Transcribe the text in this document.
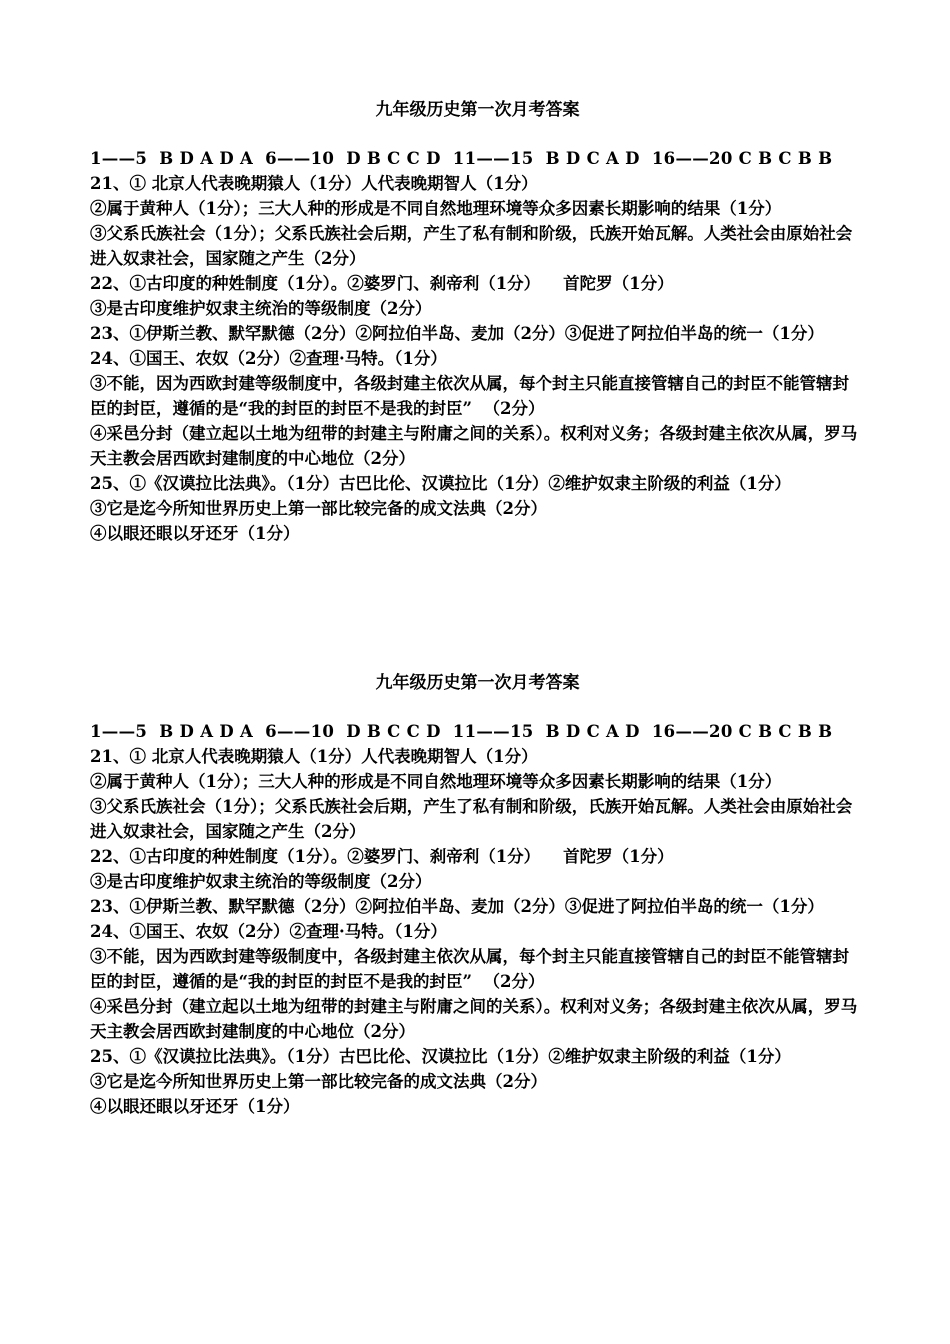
九年级历史第一次月考答案
1——5  B D A D A  6——10  D B C C D  11——15  B D C A D  16——20 C B C B B
21、① 北京人代表晚期猿人（1分）人代表晚期智人（1分）
②属于黄种人（1分）；三大人种的形成是不同自然地理环境等众多因素长期影响的结果（1分）
③父系氏族社会（1分）；父系氏族社会后期，产生了私有制和阶级，氏族开始瓦解。人类社会由原始社会进入奴隶社会，国家随之产生（2分）
22、①古印度的种姓制度（1分）。②婆罗门、刹帝利（1分）    首陀罗（1分）
③是古印度维护奴隶主统治的等级制度（2分）
23、①伊斯兰教、默罕默德（2分）②阿拉伯半岛、麦加（2分）③促进了阿拉伯半岛的统一（1分）
24、①国王、农奴（2分）②查理·马特。（1分）
③不能，因为西欧封建等级制度中，各级封建主依次从属，每个封主只能直接管辖自己的封臣不能管辖封臣的封臣，遵循的是“我的封臣的封臣不是我的封臣”  （2分）
④采邑分封（建立起以土地为纽带的封建主与附庸之间的关系）。权利对义务；各级封建主依次从属，罗马天主教会居西欧封建制度的中心地位（2分）
25、①《汉谟拉比法典》。（1分）古巴比伦、汉谟拉比（1分）②维护奴隶主阶级的利益（1分）
③它是迄今所知世界历史上第一部比较完备的成文法典（2分）
④以眼还眼以牙还牙（1分）
九年级历史第一次月考答案
1——5  B D A D A  6——10  D B C C D  11——15  B D C A D  16——20 C B C B B
21、① 北京人代表晚期猿人（1分）人代表晚期智人（1分）
②属于黄种人（1分）；三大人种的形成是不同自然地理环境等众多因素长期影响的结果（1分）
③父系氏族社会（1分）；父系氏族社会后期，产生了私有制和阶级，氏族开始瓦解。人类社会由原始社会进入奴隶社会，国家随之产生（2分）
22、①古印度的种姓制度（1分）。②婆罗门、刹帝利（1分）    首陀罗（1分）
③是古印度维护奴隶主统治的等级制度（2分）
23、①伊斯兰教、默罕默德（2分）②阿拉伯半岛、麦加（2分）③促进了阿拉伯半岛的统一（1分）
24、①国王、农奴（2分）②查理·马特。（1分）
③不能，因为西欧封建等级制度中，各级封建主依次从属，每个封主只能直接管辖自己的封臣不能管辖封臣的封臣，遵循的是“我的封臣的封臣不是我的封臣”  （2分）
④采邑分封（建立起以土地为纽带的封建主与附庸之间的关系）。权利对义务；各级封建主依次从属，罗马天主教会居西欧封建制度的中心地位（2分）
25、①《汉谟拉比法典》。（1分）古巴比伦、汉谟拉比（1分）②维护奴隶主阶级的利益（1分）
③它是迄今所知世界历史上第一部比较完备的成文法典（2分）
④以眼还眼以牙还牙（1分）
